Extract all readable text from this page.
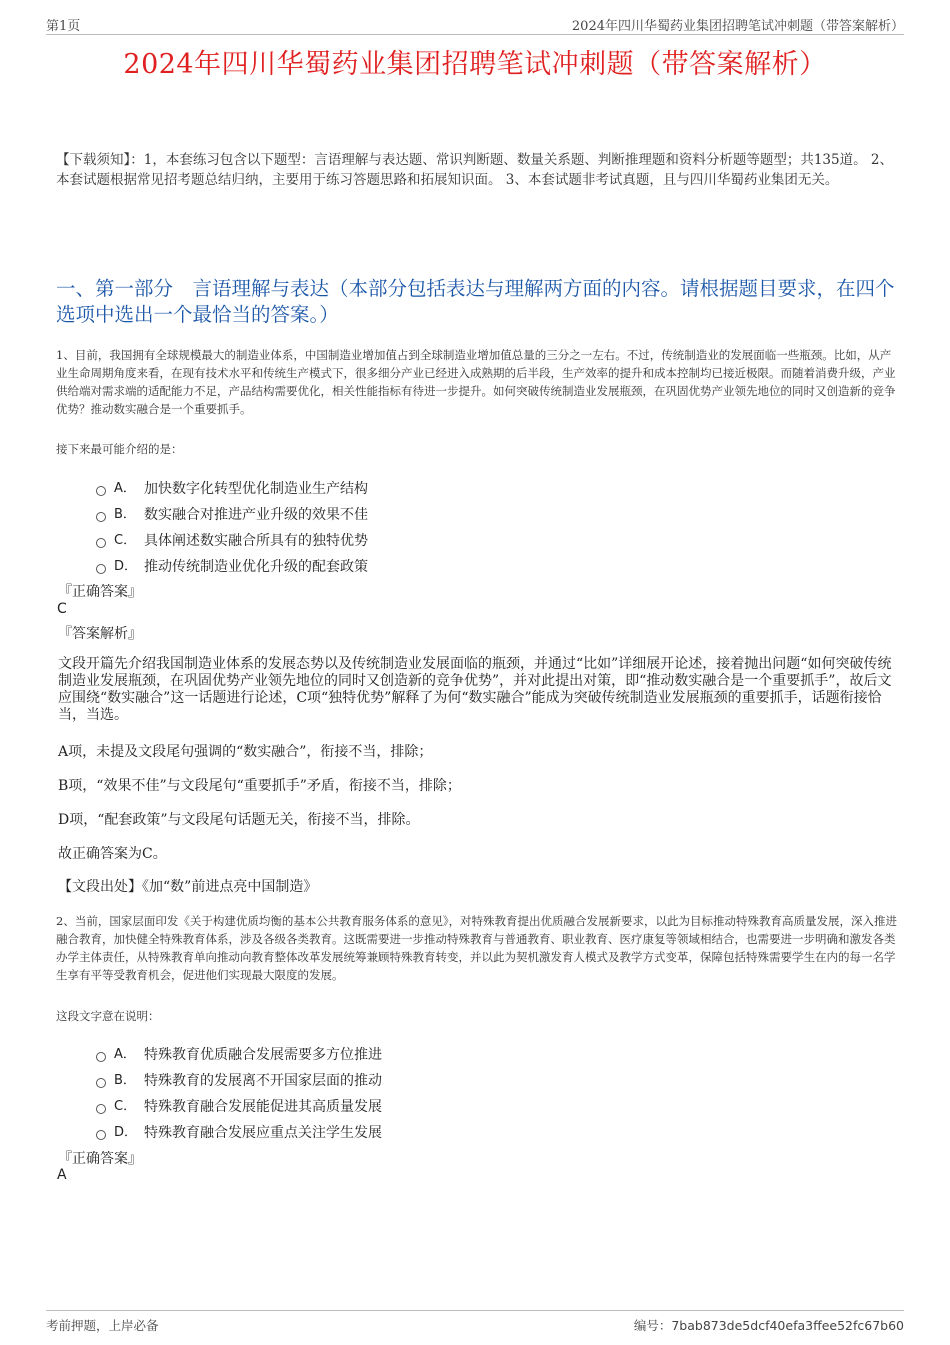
第1页	2024年四川华蜀药业集团招聘笔试冲刺题（带答案解析）
2024年四川华蜀药业集团招聘笔试冲刺题（带答案解析）
【下载须知】：1，本套练习包含以下题型：言语理解与表达题、常识判断题、数量关系题、判断推理题和资料分析题等题型；共135道。 2、本套试题根据常见招考题总结归纳，主要用于练习答题思路和拓展知识面。 3、本套试题非考试真题，且与四川华蜀药业集团无关。
一、第一部分　言语理解与表达（本部分包括表达与理解两方面的内容。请根据题目要求，在四个选项中选出一个最恰当的答案。）
1、目前，我国拥有全球规模最大的制造业体系，中国制造业增加值占到全球制造业增加值总量的三分之一左右。不过，传统制造业的发展面临一些瓶颈。比如，从产业生命周期角度来看，在现有技术水平和传统生产模式下，很多细分产业已经进入成熟期的后半段，生产效率的提升和成本控制均已接近极限。而随着消费升级，产业供给端对需求端的适配能力不足，产品结构需要优化，相关性能指标有待进一步提升。如何突破传统制造业发展瓶颈，在巩固优势产业领先地位的同时又创造新的竞争优势？推动数实融合是一个重要抓手。
接下来最可能介绍的是：
A． 加快数字化转型优化制造业生产结构
B． 数实融合对推进产业升级的效果不佳
C． 具体阐述数实融合所具有的独特优势
D． 推动传统制造业优化升级的配套政策
『正确答案』
C
『答案解析』
文段开篇先介绍我国制造业体系的发展态势以及传统制造业发展面临的瓶颈，并通过“比如”详细展开论述，接着抛出问题“如何突破传统制造业发展瓶颈，在巩固优势产业领先地位的同时又创造新的竞争优势”，并对此提出对策，即“推动数实融合是一个重要抓手”，故后文应围绕“数实融合”这一话题进行论述，C项“独特优势”解释了为何“数实融合”能成为突破传统制造业发展瓶颈的重要抓手，话题衔接恰当，当选。
A项，未提及文段尾句强调的“数实融合”，衔接不当，排除；
B项，“效果不佳”与文段尾句“重要抓手”矛盾，衔接不当，排除；
D项，“配套政策”与文段尾句话题无关，衔接不当，排除。
故正确答案为C。
【文段出处】《加“数”前进点亮中国制造》
2、当前，国家层面印发《关于构建优质均衡的基本公共教育服务体系的意见》，对特殊教育提出优质融合发展新要求，以此为目标推动特殊教育高质量发展，深入推进融合教育，加快健全特殊教育体系，涉及各级各类教育。这既需要进一步推动特殊教育与普通教育、职业教育、医疗康复等领域相结合，也需要进一步明确和激发各类办学主体责任，从特殊教育单向推动向教育整体改革发展统筹兼顾特殊教育转变，并以此为契机激发育人模式及教学方式变革，保障包括特殊需要学生在内的每一名学生享有平等受教育机会，促进他们实现最大限度的发展。
这段文字意在说明：
A． 特殊教育优质融合发展需要多方位推进
B． 特殊教育的发展离不开国家层面的推动
C． 特殊教育融合发展能促进其高质量发展
D． 特殊教育融合发展应重点关注学生发展
『正确答案』
A
考前押题，上岸必备	编号：7bab873de5dcf40efa3ffee52fc67b60
